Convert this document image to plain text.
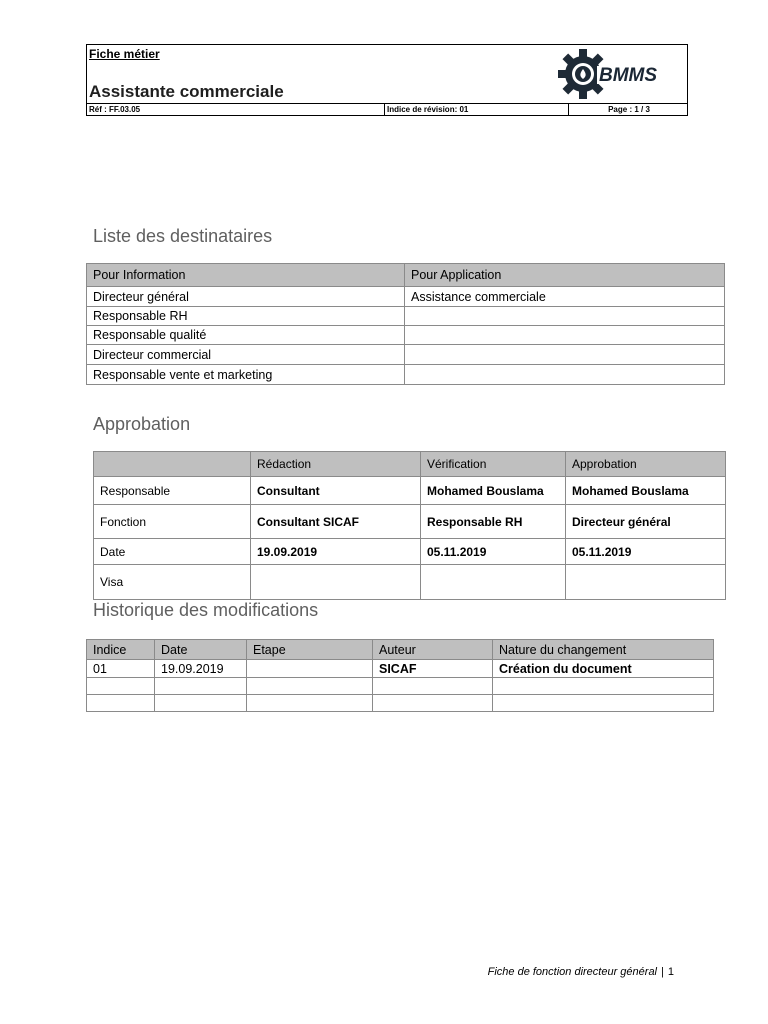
Fiche métier
Assistante commerciale
BMMS
Réf : FF.03.05	Indice de révision: 01	Page : 1 / 3
Liste des destinataires
Pour Information	Pour Application
Directeur général	Assistance commerciale
Responsable RH	
Responsable qualité	
Directeur commercial	
Responsable vente et marketing	
Approbation
	Rédaction	Vérification	Approbation
Responsable	Consultant	Mohamed Bouslama	Mohamed Bouslama
Fonction	Consultant SICAF	Responsable RH	Directeur général
Date	19.09.2019	05.11.2019	05.11.2019
Visa			
Historique des modifications
Indice	Date	Etape	Auteur	Nature du changement
01	19.09.2019		SICAF	Création du document

Fiche de fonction directeur général | 1
